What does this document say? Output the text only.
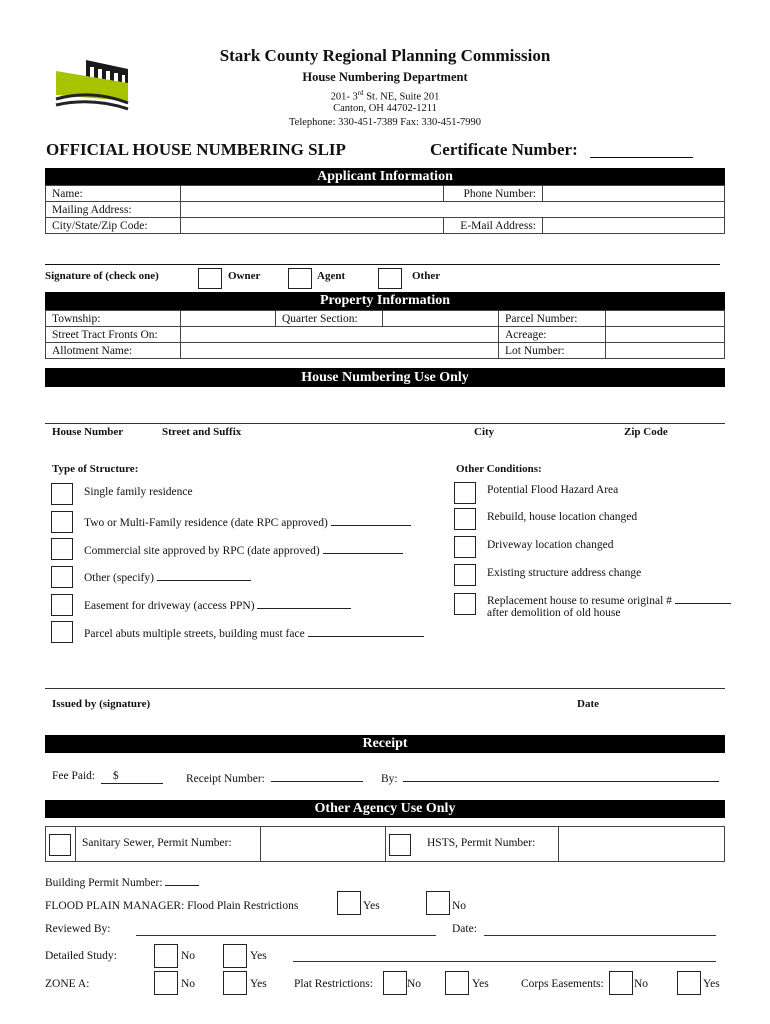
Stark County Regional Planning Commission
House Numbering Department
201- 3rd St. NE, Suite 201
Canton, OH 44702-1211
Telephone: 330-451-7389 Fax: 330-451-7990
OFFICIAL HOUSE NUMBERING SLIP	Certificate Number:
Applicant Information
Name:		Phone Number:	
Mailing Address:			
City/State/Zip Code:		E-Mail Address:	
Signature of (check one)	Owner	Agent	Other
Property Information
Township:		Quarter Section:		Parcel Number:	
Street Tract Fronts On:				Acreage:	
Allotment Name:				Lot Number:	
House Numbering Use Only
House Number	Street and Suffix	City	Zip Code
Type of Structure:	Other Conditions:
Single family residence
Two or Multi-Family residence (date RPC approved)
Commercial site approved by RPC (date approved)
Other (specify)
Easement for driveway (access PPN)
Parcel abuts multiple streets, building must face
Potential Flood Hazard Area
Rebuild, house location changed
Driveway location changed
Existing structure address change
Replacement house to resume original #
after demolition of old house
Issued by (signature)	Date
Receipt
Fee Paid: $	Receipt Number:	By:
Other Agency Use Only
Sanitary Sewer, Permit Number:	HSTS, Permit Number:
Building Permit Number:
FLOOD PLAIN MANAGER: Flood Plain Restrictions	Yes	No
Reviewed By:	Date:
Detailed Study:	No	Yes
ZONE A:	No	Yes Plat Restrictions:	No	Yes	Corps Easements:	No	Yes
